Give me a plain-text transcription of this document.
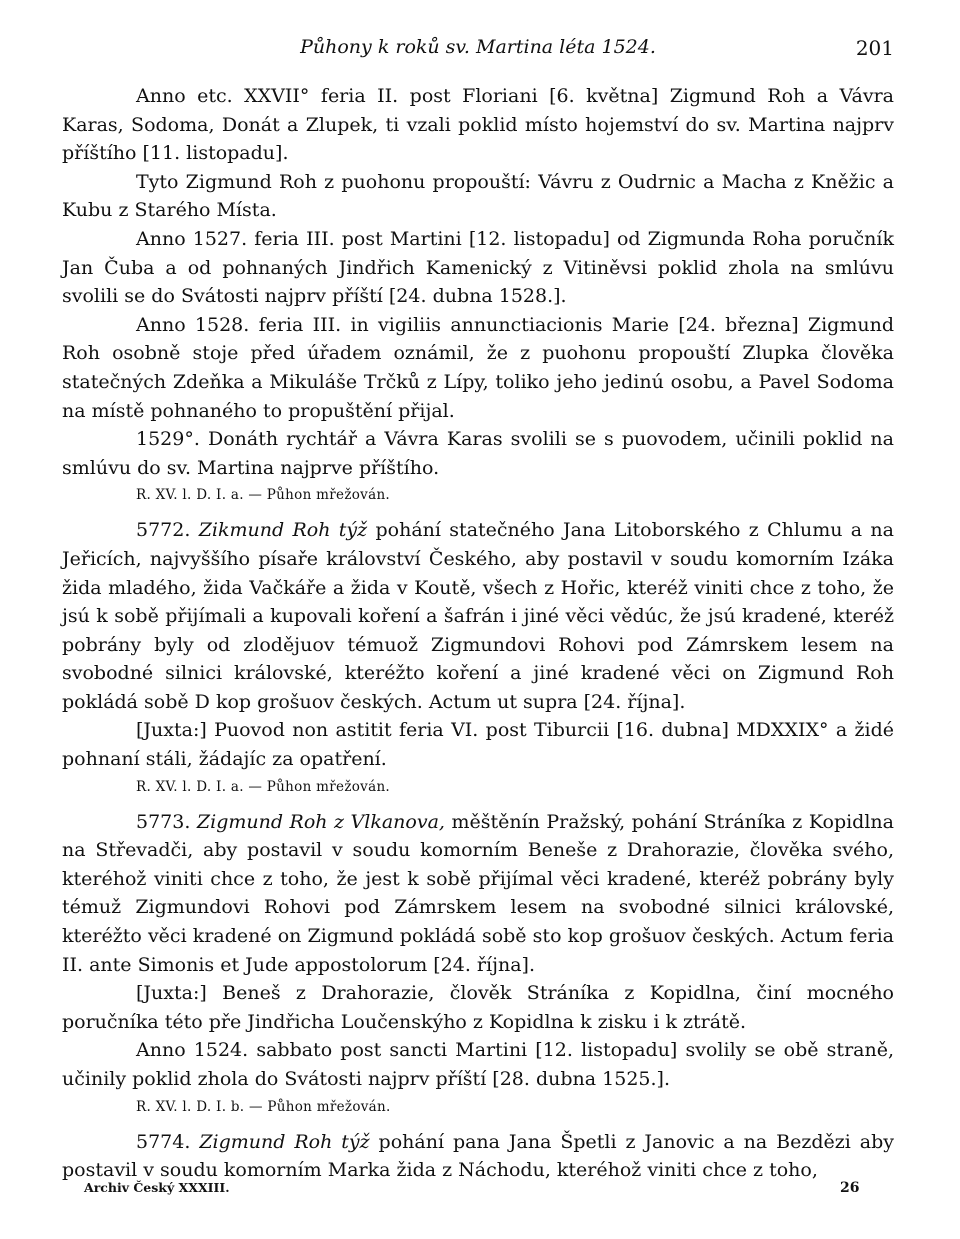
Půhony k roků sv. Martina léta 1524.	201

Anno etc. XXVII° feria II. post Floriani [6. května] Zigmund Roh a Vávra Karas, Sodoma, Donát a Zlupek, ti vzali poklid místo hojemství do sv. Martina najprv příštího [11. listopadu].

Tyto Zigmund Roh z puohonu propouští: Vávru z Oudrnic a Macha z Kněžic a Kubu z Starého Místa.

Anno 1527. feria III. post Martini [12. listopadu] od Zigmunda Roha poručník Jan Čuba a od pohnaných Jindřich Kamenický z Vitiněvsi poklid zhola na smlúvu svolili se do Svátosti najprv příští [24. dubna 1528.].

Anno 1528. feria III. in vigiliis annunctiacionis Marie [24. března] Zigmund Roh osobně stoje před úřadem oznámil, že z puohonu propouští Zlupka člověka statečných Zdeňka a Mikuláše Trčků z Lípy, toliko jeho jedinú osobu, a Pavel Sodoma na místě pohnaného to propuštění přijal.

1529°. Donáth rychtář a Vávra Karas svolili se s puovodem, učinili poklid na smlúvu do sv. Martina najprve příštího.

R. XV. l. D. I. a. — Půhon mřežován.

5772. Zikmund Roh týž pohání statečného Jana Litoborského z Chlumu a na Jeřicích, najvyššího písaře království Českého, aby postavil v soudu komorním Izáka žida mladého, žida Vačkáře a žida v Koutě, všech z Hořic, kteréž viniti chce z toho, že jsú k sobě přijímali a kupovali koření a šafrán i jiné věci vědúc, že jsú kradené, kteréž pobrány byly od zlodějuov témuož Zigmundovi Rohovi pod Zámrskem lesem na svobodné silnici královské, kteréžto koření a jiné kradené věci on Zigmund Roh pokládá sobě D kop grošuov českých. Actum ut supra [24. října].

[Juxta:] Puovod non astitit feria VI. post Tiburcii [16. dubna] MDXXIX° a židé pohnaní stáli, žádajíc za opatření.

R. XV. l. D. I. a. — Půhon mřežován.

5773. Zigmund Roh z Vlkanova, měštěnín Pražský, pohání Stráníka z Kopidlna na Střevadči, aby postavil v soudu komorním Beneše z Drahorazie, člověka svého, kteréhož viniti chce z toho, že jest k sobě přijímal věci kradené, kteréž pobrány byly témuž Zigmundovi Rohovi pod Zámrskem lesem na svobodné silnici královské, kteréžto věci kradené on Zigmund pokládá sobě sto kop grošuov českých. Actum feria II. ante Simonis et Jude appostolorum [24. října].

[Juxta:] Beneš z Drahorazie, člověk Stráníka z Kopidlna, činí mocného poručníka této pře Jindřicha Loučenskýho z Kopidlna k zisku i k ztrátě.

Anno 1524. sabbato post sancti Martini [12. listopadu] svolily se obě straně, učinily poklid zhola do Svátosti najprv příští [28. dubna 1525.].

R. XV. l. D. I. b. — Půhon mřežován.

5774. Zigmund Roh týž pohání pana Jana Špetli z Janovic a na Bezdězi aby postavil v soudu komorním Marka žida z Náchodu, kteréhož viniti chce z toho,

Archiv Český XXXIII.	26
